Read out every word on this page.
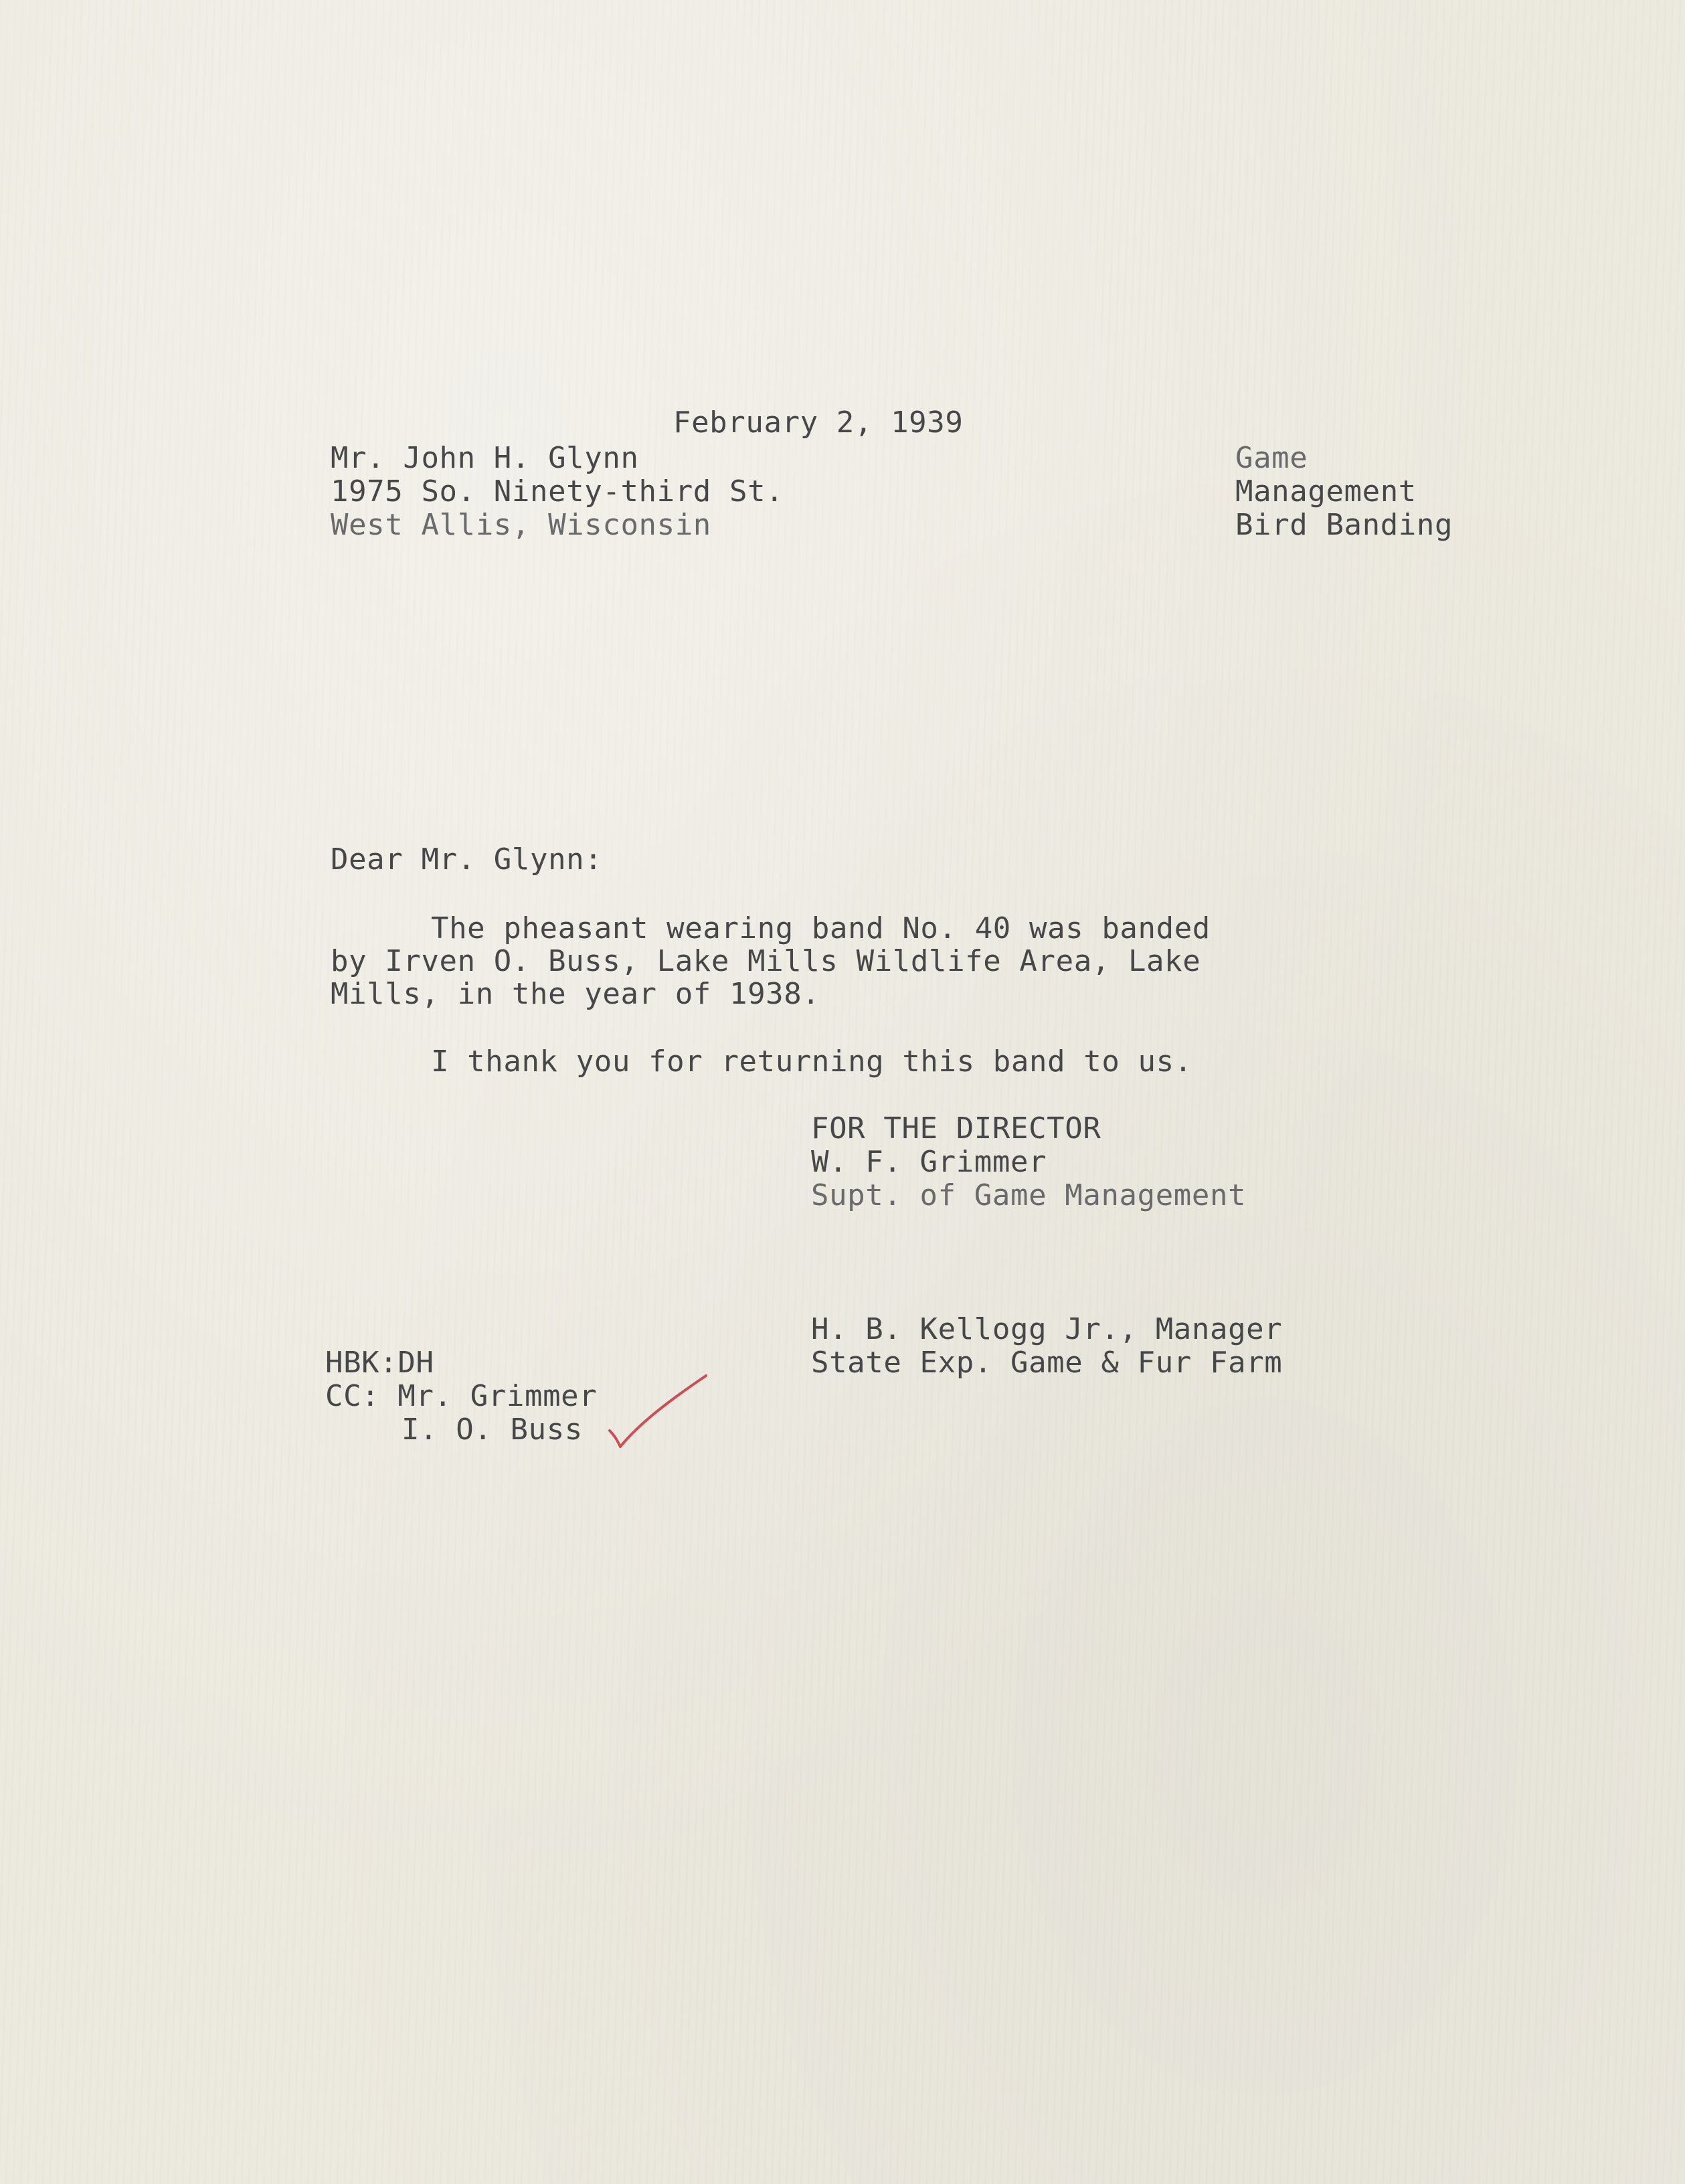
February 2, 1939
Mr. John H. Glynn
1975 So. Ninety-third St.
West Allis, Wisconsin
Game
Management
Bird Banding
Dear Mr. Glynn:
The pheasant wearing band No. 40 was banded
by Irven O. Buss, Lake Mills Wildlife Area, Lake
Mills, in the year of 1938.
I thank you for returning this band to us.
FOR THE DIRECTOR
W. F. Grimmer
Supt. of Game Management
H. B. Kellogg Jr., Manager
State Exp. Game & Fur Farm
HBK:DH
CC: Mr. Grimmer
I. O. Buss
